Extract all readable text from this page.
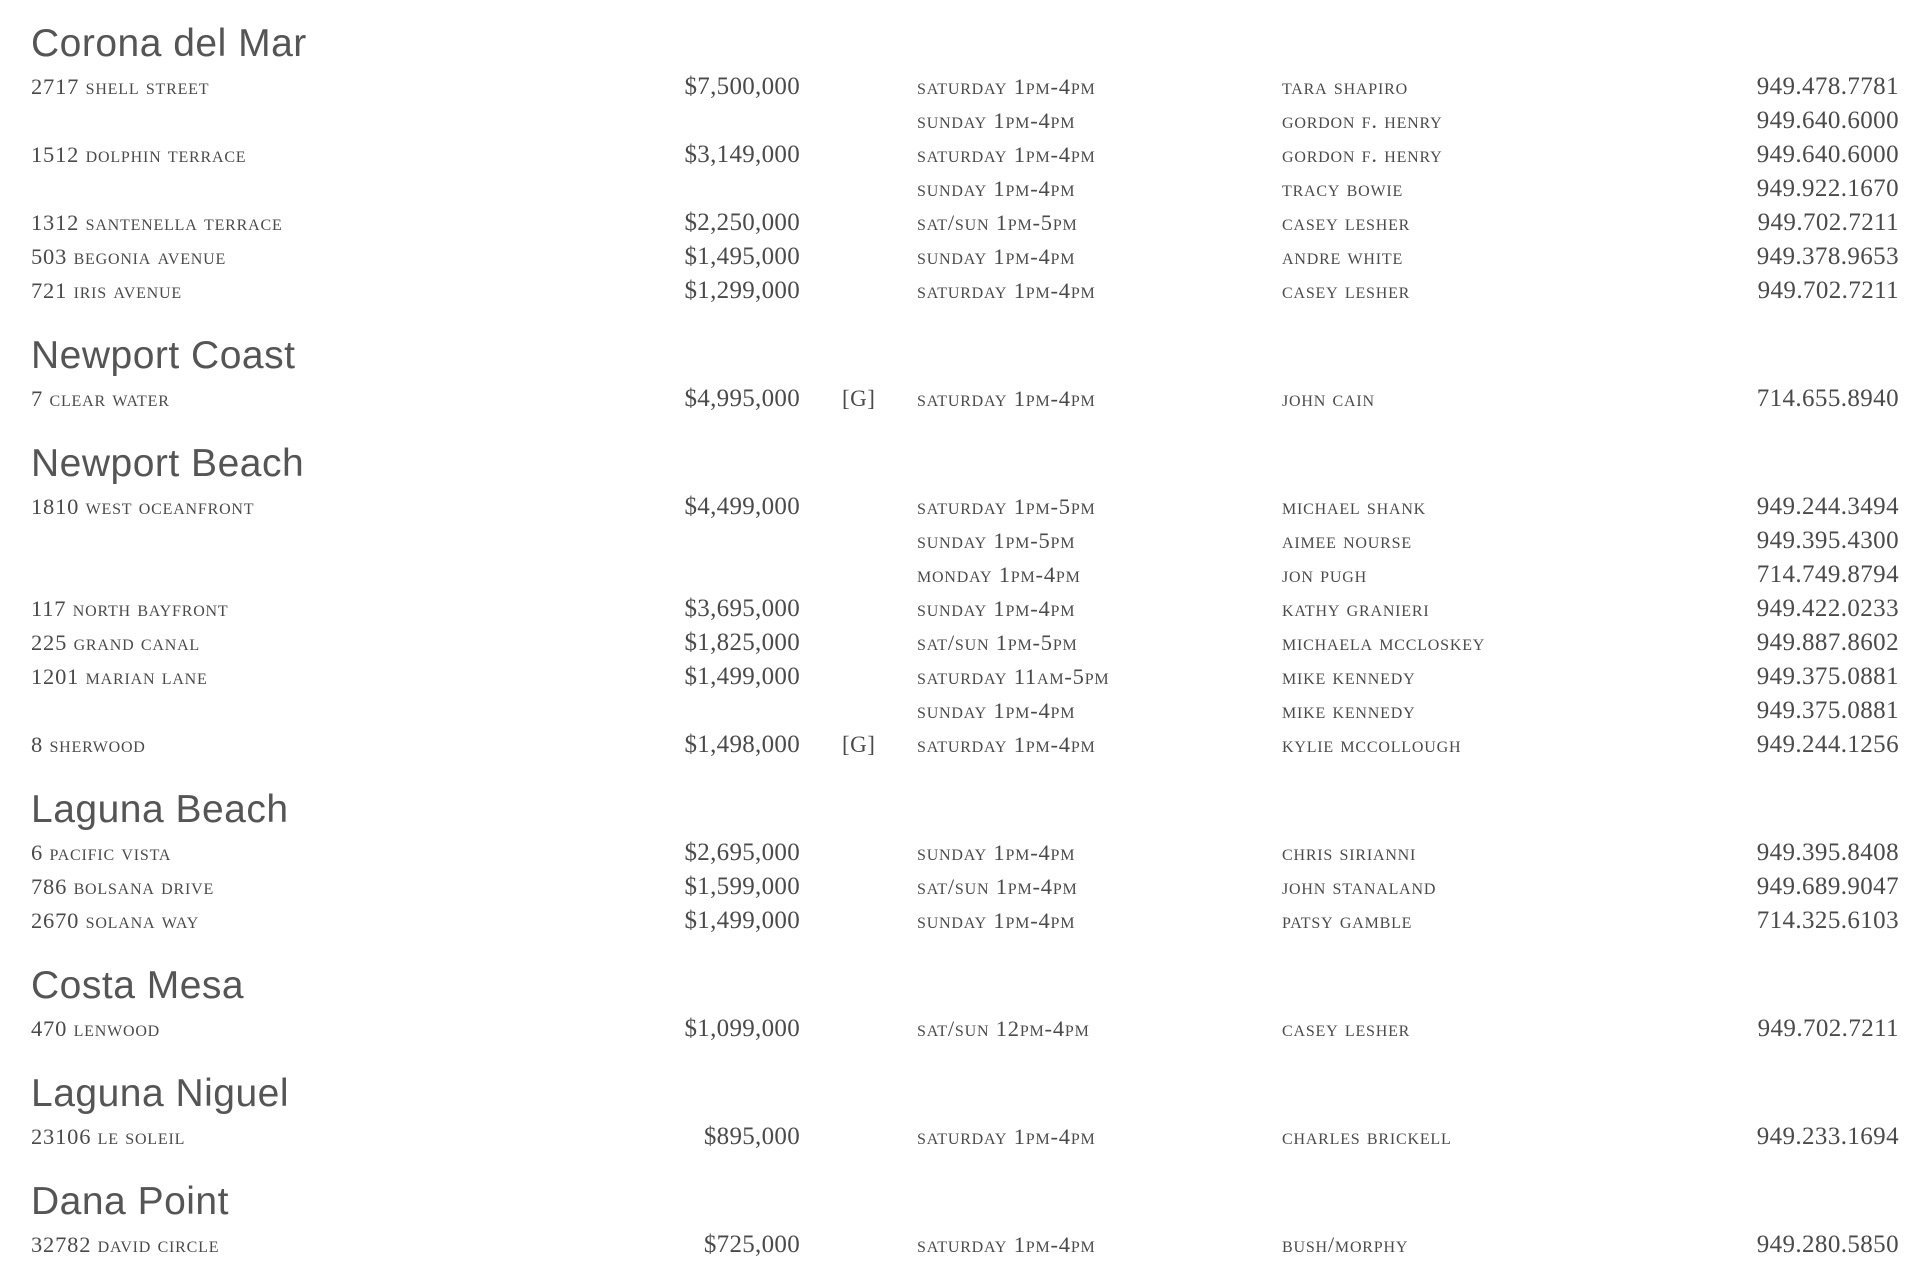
Corona del Mar
2717 shell street	$7,500,000	saturday 1pm-4pm	tara shapiro	949.478.7781
sunday 1pm-4pm	gordon f. henry	949.640.6000
1512 dolphin terrace	$3,149,000	saturday 1pm-4pm	gordon f. henry	949.640.6000
sunday 1pm-4pm	tracy bowie	949.922.1670
1312 santenella terrace	$2,250,000	sat/sun 1pm-5pm	casey lesher	949.702.7211
503 begonia avenue	$1,495,000	sunday 1pm-4pm	andre white	949.378.9653
721 iris avenue	$1,299,000	saturday 1pm-4pm	casey lesher	949.702.7211
Newport Coast
7 clear water	$4,995,000 [G] saturday 1pm-4pm	john cain	714.655.8940
Newport Beach
1810 west oceanfront	$4,499,000	saturday 1pm-5pm	michael shank	949.244.3494
sunday 1pm-5pm	aimee nourse	949.395.4300
monday 1pm-4pm	jon pugh	714.749.8794
117 north bayfront	$3,695,000	sunday 1pm-4pm	kathy granieri	949.422.0233
225 grand canal	$1,825,000	sat/sun 1pm-5pm	michaela mccloskey	949.887.8602
1201 marian lane	$1,499,000	saturday 11am-5pm	mike kennedy	949.375.0881
sunday 1pm-4pm	mike kennedy	949.375.0881
8 sherwood	$1,498,000 [G] saturday 1pm-4pm	kylie mccollough	949.244.1256
Laguna Beach
6 pacific vista	$2,695,000	sunday 1pm-4pm	chris sirianni	949.395.8408
786 bolsana drive	$1,599,000	sat/sun 1pm-4pm	john stanaland	949.689.9047
2670 solana way	$1,499,000	sunday 1pm-4pm	patsy gamble	714.325.6103
Costa Mesa
470 lenwood	$1,099,000	sat/sun 12pm-4pm	casey lesher	949.702.7211
Laguna Niguel
23106 le soleil	$895,000	saturday 1pm-4pm	charles brickell	949.233.1694
Dana Point
32782 david circle	$725,000	saturday 1pm-4pm	bush/morphy	949.280.5850
